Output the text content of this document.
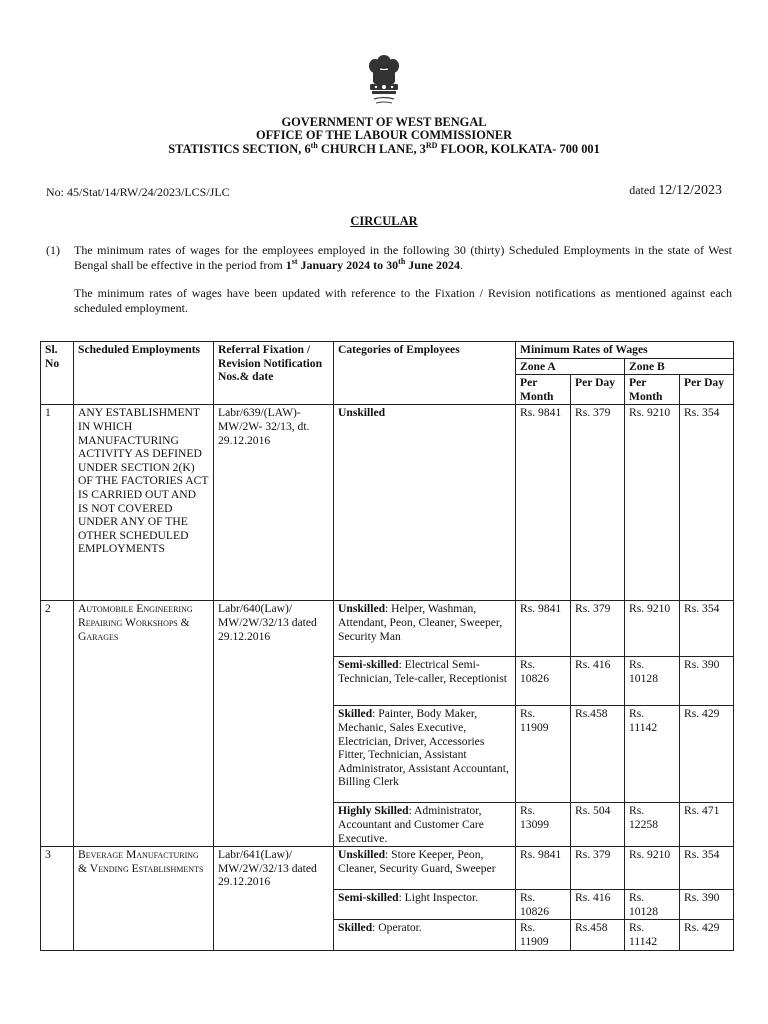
GOVERNMENT OF WEST BENGAL
OFFICE OF THE LABOUR COMMISSIONER
STATISTICS SECTION, 6th CHURCH LANE, 3RD FLOOR, KOLKATA- 700 001
No: 45/Stat/14/RW/24/2023/LCS/JLC	dated 12/12/2023
CIRCULAR
(1) The minimum rates of wages for the employees employed in the following 30 (thirty) Scheduled Employments in the state of West Bengal shall be effective in the period from 1st January 2024 to 30th June 2024.
The minimum rates of wages have been updated with reference to the Fixation / Revision notifications as mentioned against each scheduled employment.
Sl. No	Scheduled Employments	Referral Fixation / Revision Notification Nos.& date	Categories of Employees	Minimum Rates of Wages			
				Zone A		Zone B	
				Per Month	Per Day	Per Month	Per Day
1	ANY ESTABLISHMENT IN WHICH MANUFACTURING ACTIVITY AS DEFINED UNDER SECTION 2(K) OF THE FACTORIES ACT IS CARRIED OUT AND IS NOT COVERED UNDER ANY OF THE OTHER SCHEDULED EMPLOYMENTS	Labr/639/(LAW)-MW/2W- 32/13, dt. 29.12.2016	Unskilled	Rs. 9841	Rs. 379	Rs. 9210	Rs. 354
2	Automobile Engineering Repairing Workshops & Garages	Labr/640(Law)/ MW/2W/32/13 dated 29.12.2016	Unskilled: Helper, Washman, Attendant, Peon, Cleaner, Sweeper, Security Man	Rs. 9841	Rs. 379	Rs. 9210	Rs. 354
			Semi-skilled: Electrical Semi-Technician, Tele-caller, Receptionist	Rs. 10826	Rs. 416	Rs. 10128	Rs. 390
			Skilled: Painter, Body Maker, Mechanic, Sales Executive, Electrician, Driver, Accessories Fitter, Technician, Assistant Administrator, Assistant Accountant, Billing Clerk	Rs. 11909	Rs.458	Rs. 11142	Rs. 429
			Highly Skilled: Administrator, Accountant and Customer Care Executive.	Rs. 13099	Rs. 504	Rs. 12258	Rs. 471
3	Beverage Manufacturing & Vending Establishments	Labr/641(Law)/ MW/2W/32/13 dated 29.12.2016	Unskilled: Store Keeper, Peon, Cleaner, Security Guard, Sweeper	Rs. 9841	Rs. 379	Rs. 9210	Rs. 354
			Semi-skilled: Light Inspector.	Rs. 10826	Rs. 416	Rs. 10128	Rs. 390
			Skilled: Operator.	Rs. 11909	Rs.458	Rs. 11142	Rs. 429
